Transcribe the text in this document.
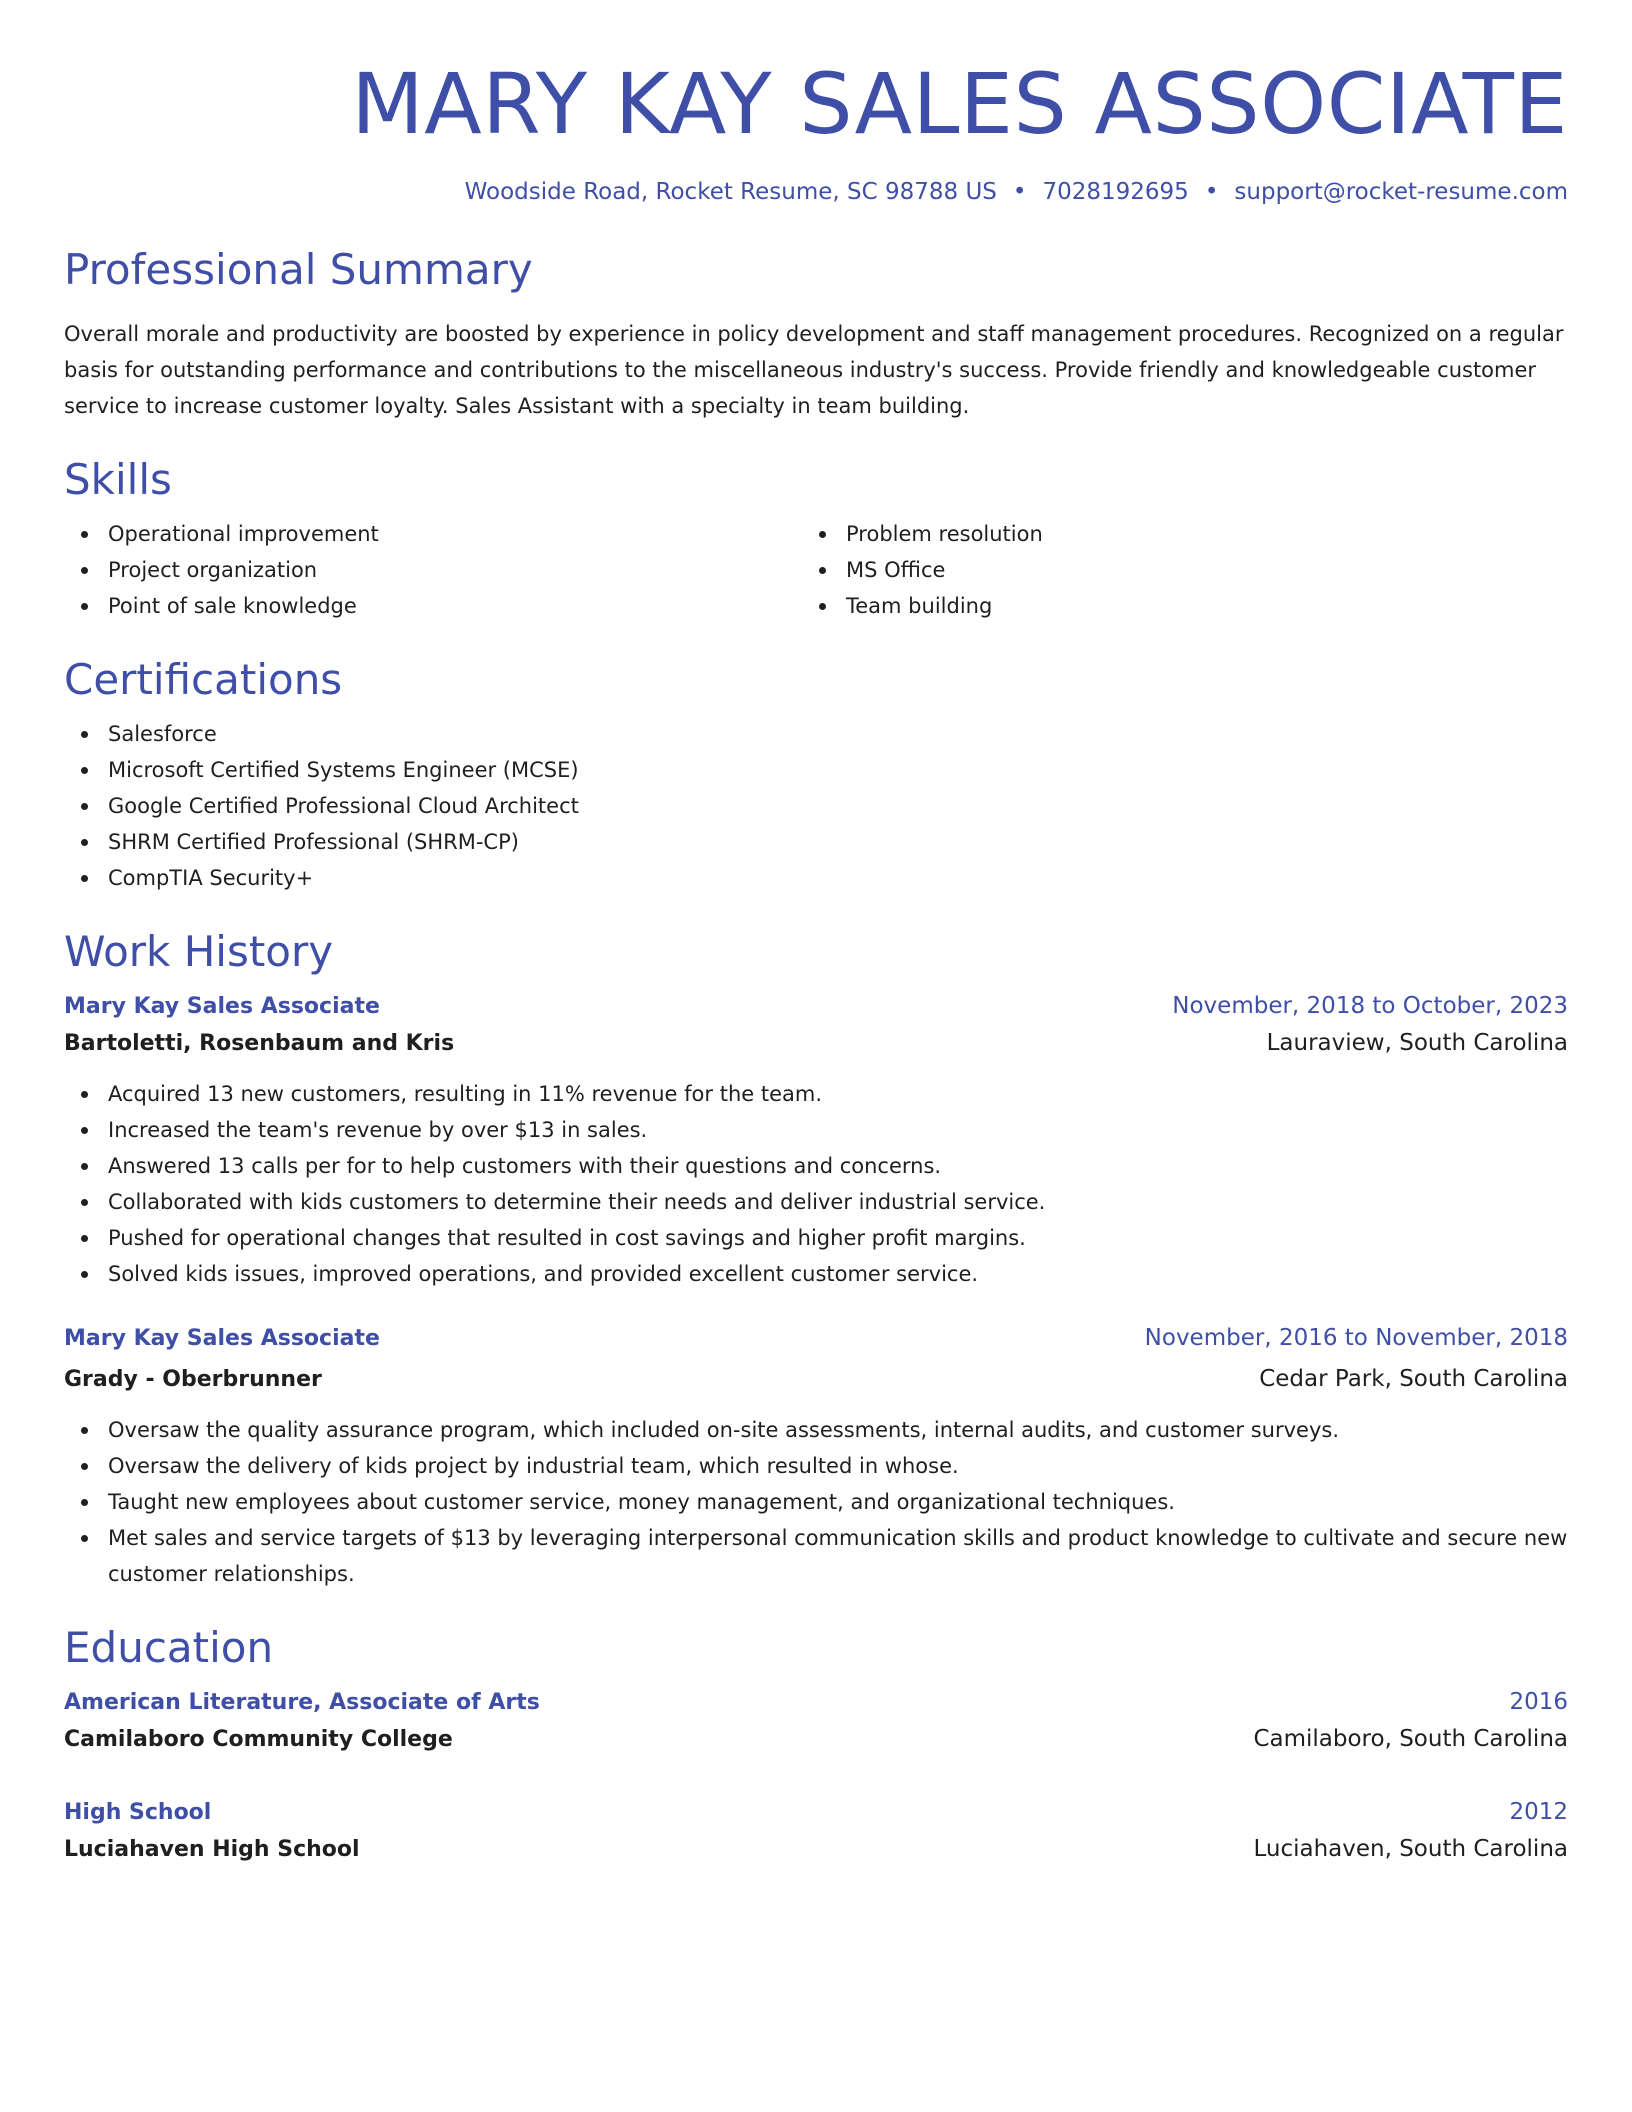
MARY KAY SALES ASSOCIATE
Woodside Road, Rocket Resume, SC 98788 US • 7028192695 • support@rocket-resume.com
Professional Summary

Overall morale and productivity are boosted by experience in policy development and staff management procedures. Recognized on a regular basis for outstanding performance and contributions to the miscellaneous industry's success. Provide friendly and knowledgeable customer service to increase customer loyalty. Sales Assistant with a specialty in team building.

Skills
Operational improvement
Project organization
Point of sale knowledge
Problem resolution
MS Office
Team building
Certifications
Salesforce
Microsoft Certified Systems Engineer (MCSE)
Google Certified Professional Cloud Architect
SHRM Certified Professional (SHRM-CP)
CompTIA Security+
Work History
Mary Kay Sales Associate	November, 2018 to October, 2023
Bartoletti, Rosenbaum and Kris	Lauraview, South Carolina
Acquired 13 new customers, resulting in 11% revenue for the team.
Increased the team's revenue by over $13 in sales.
Answered 13 calls per for to help customers with their questions and concerns.
Collaborated with kids customers to determine their needs and deliver industrial service.
Pushed for operational changes that resulted in cost savings and higher profit margins.
Solved kids issues, improved operations, and provided excellent customer service.
Mary Kay Sales Associate	November, 2016 to November, 2018
Grady - Oberbrunner	Cedar Park, South Carolina
Oversaw the quality assurance program, which included on-site assessments, internal audits, and customer surveys.
Oversaw the delivery of kids project by industrial team, which resulted in whose.
Taught new employees about customer service, money management, and organizational techniques.
Met sales and service targets of $13 by leveraging interpersonal communication skills and product knowledge to cultivate and secure new customer relationships.
Education
American Literature, Associate of Arts	2016
Camilaboro Community College	Camilaboro, South Carolina
High School	2012
Luciahaven High School	Luciahaven, South Carolina
